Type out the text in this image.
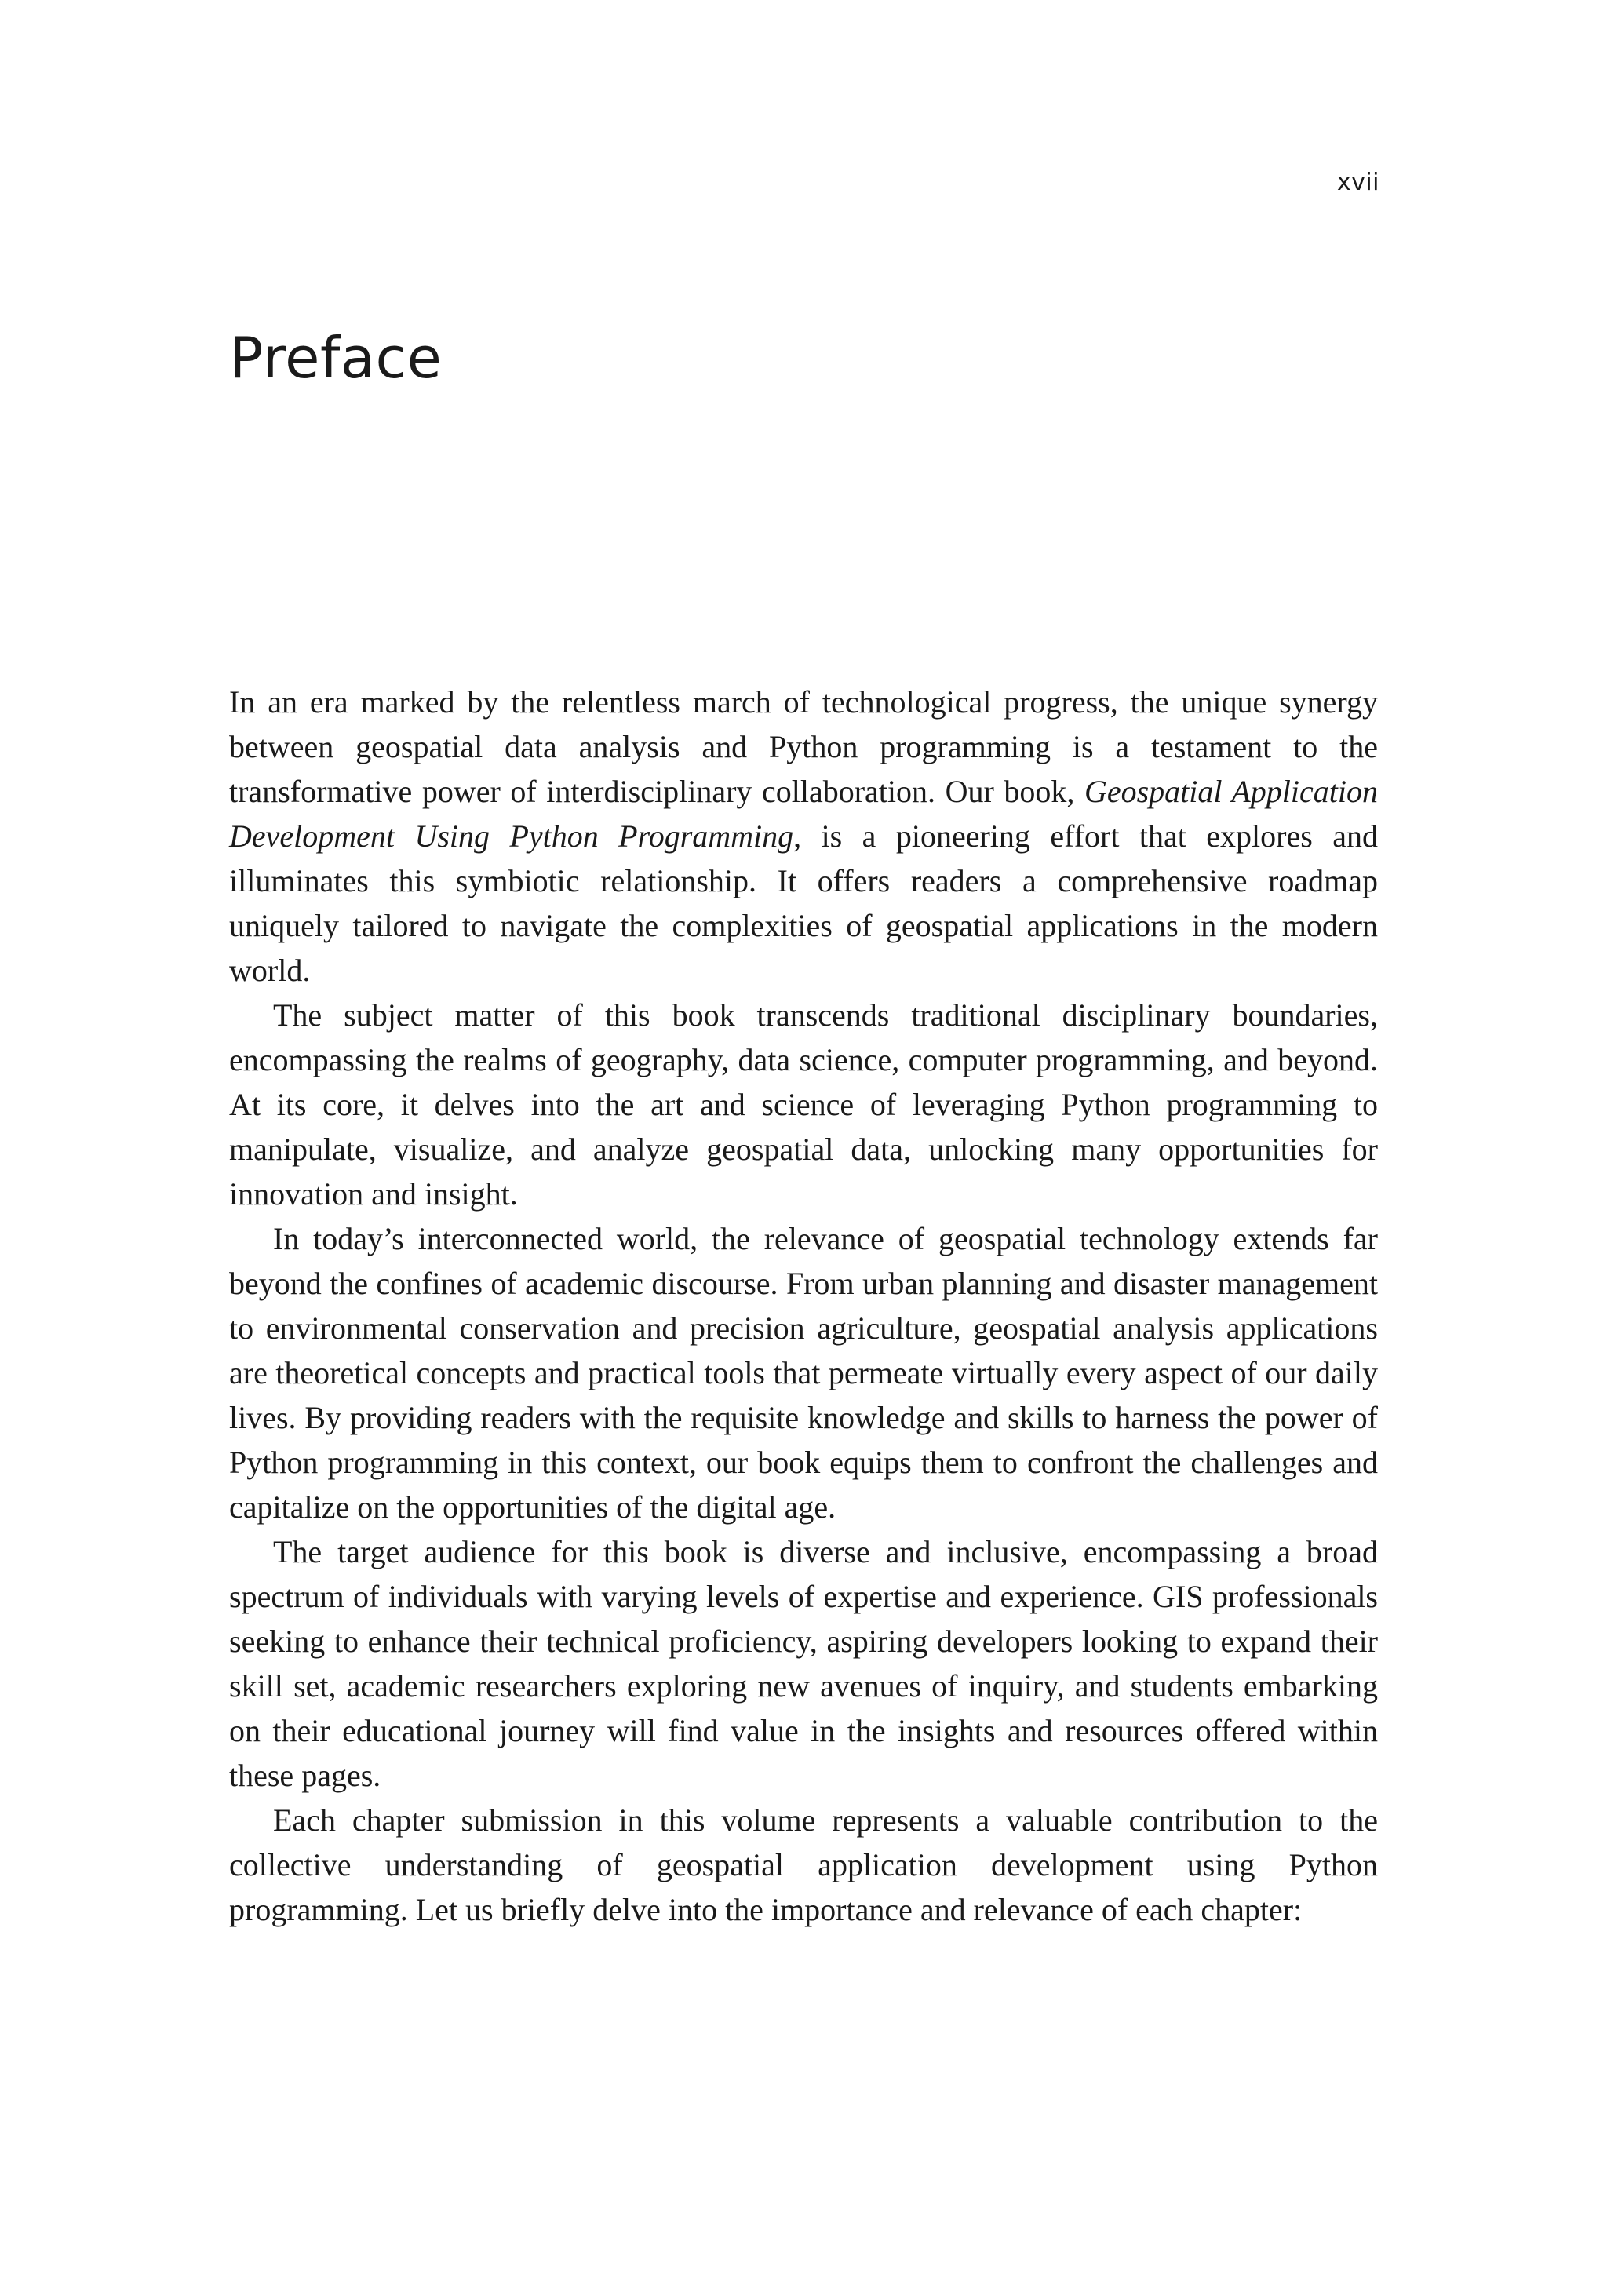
xvii
Preface

In an era marked by the relentless march of technological progress, the unique synergy between geospatial data analysis and Python programming is a testament to the transformative power of interdisciplinary collaboration. Our book, Geospatial Application Development Using Python Programming, is a pioneering effort that explores and illuminates this symbiotic relationship. It offers readers a comprehensive roadmap uniquely tailored to navigate the complexities of geospatial applications in the modern world.

The subject matter of this book transcends traditional disciplinary boundaries, encompassing the realms of geography, data science, computer programming, and beyond. At its core, it delves into the art and science of leveraging Python programming to manipulate, visualize, and analyze geospatial data, unlocking many opportunities for innovation and insight.

In today’s interconnected world, the relevance of geospatial technology extends far beyond the confines of academic discourse. From urban planning and disaster management to environmental conservation and precision agriculture, geospatial analysis applications are theoretical concepts and practical tools that permeate virtually every aspect of our daily lives. By providing readers with the requisite knowledge and skills to harness the power of Python programming in this context, our book equips them to confront the challenges and capitalize on the opportunities of the digital age.

The target audience for this book is diverse and inclusive, encompassing a broad spectrum of individuals with varying levels of expertise and experience. GIS professionals seeking to enhance their technical proficiency, aspiring developers looking to expand their skill set, academic researchers exploring new avenues of inquiry, and students embarking on their educational journey will find value in the insights and resources offered within these pages.

Each chapter submission in this volume represents a valuable contribution to the collective understanding of geospatial application development using Python programming. Let us briefly delve into the importance and relevance of each chapter:
